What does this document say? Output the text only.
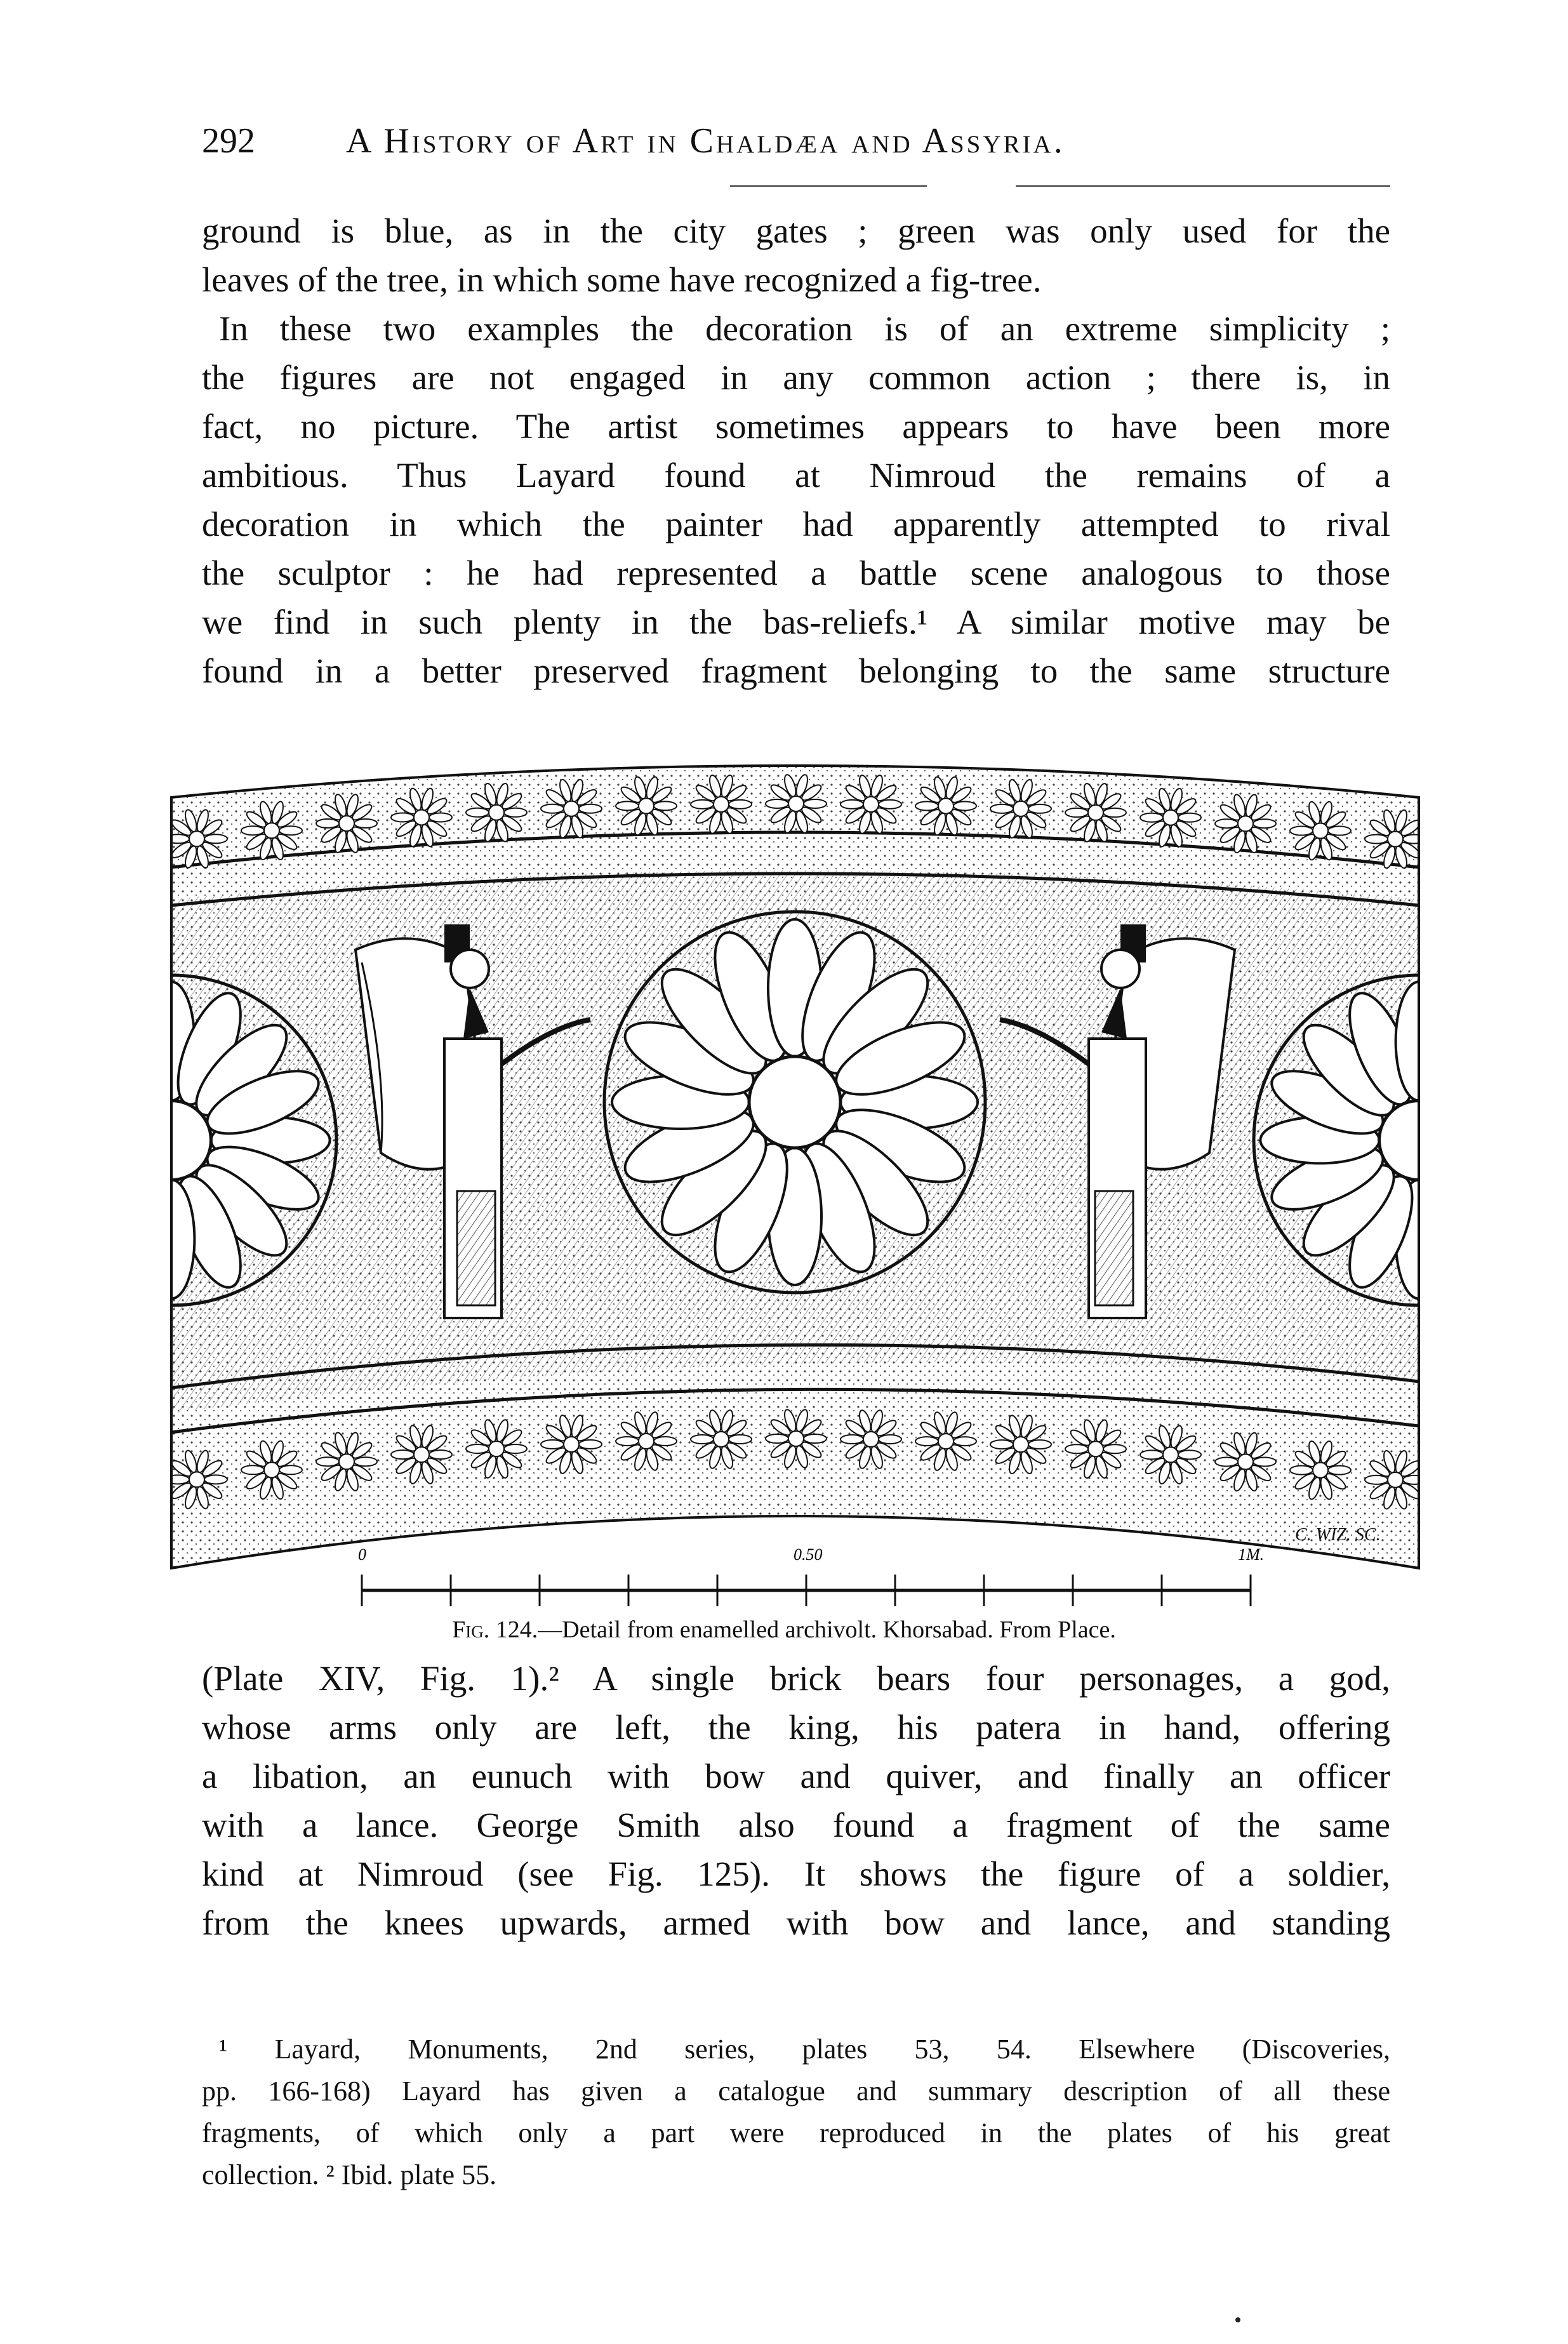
292	A History of Art in Chaldæa and Assyria.
ground is blue, as in the city gates ; green was only used for the
leaves of the tree, in which some have recognized a fig-tree.
In these two examples the decoration is of an extreme simplicity ;
the figures are not engaged in any common action ; there is, in
fact, no picture. The artist sometimes appears to have been more
ambitious. Thus Layard found at Nimroud the remains of a
decoration in which the painter had apparently attempted to rival
the sculptor : he had represented a battle scene analogous to those
we find in such plenty in the bas-reliefs.¹ A similar motive may be
found in a better preserved fragment belonging to the same structure
C. WIZ. SC.
0	0.50	1M.
Fig. 124.—Detail from enamelled archivolt. Khorsabad. From Place.
(Plate XIV, Fig. 1).² A single brick bears four personages, a god,
whose arms only are left, the king, his patera in hand, offering
a libation, an eunuch with bow and quiver, and finally an officer
with a lance. George Smith also found a fragment of the same
kind at Nimroud (see Fig. 125). It shows the figure of a soldier,
from the knees upwards, armed with bow and lance, and standing
¹ Layard, Monuments, 2nd series, plates 53, 54. Elsewhere (Discoveries,
pp. 166-168) Layard has given a catalogue and summary description of all these
fragments, of which only a part were reproduced in the plates of his great
collection. ² Ibid. plate 55.
